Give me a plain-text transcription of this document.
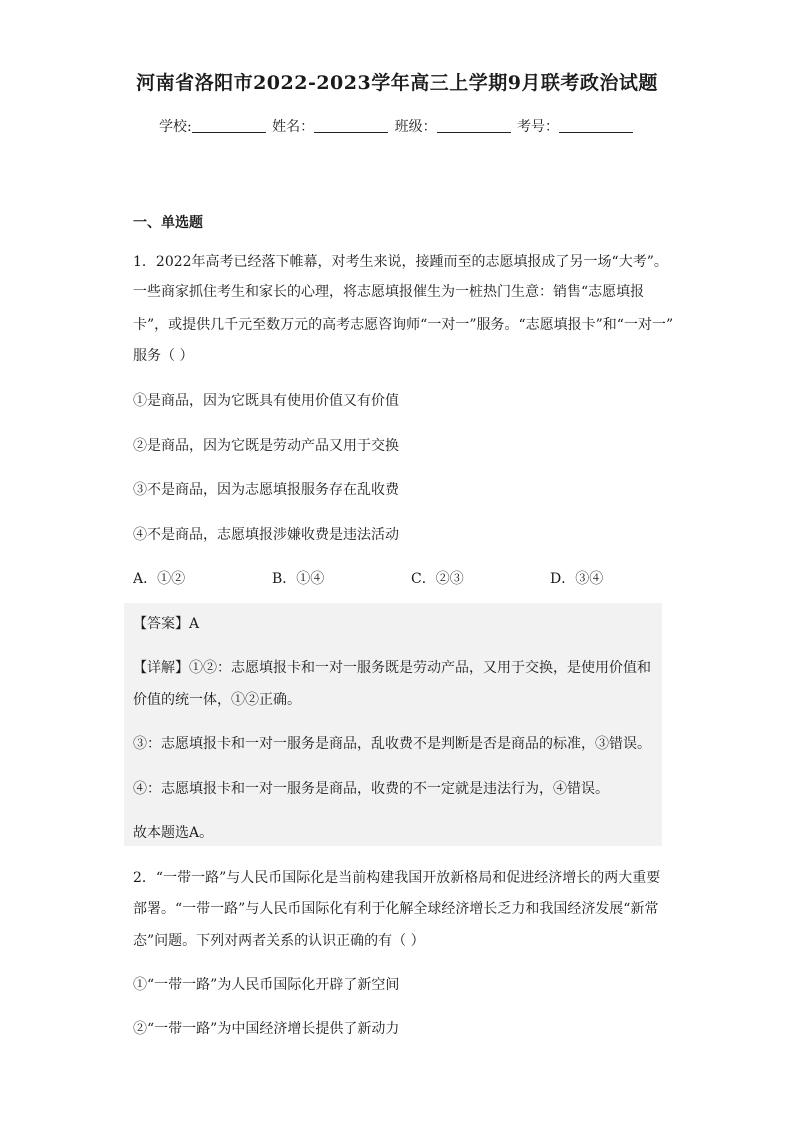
河南省洛阳市2022-2023学年高三上学期9月联考政治试题
学校:	姓名：	班级：	考号：
一、单选题
1．2022年高考已经落下帷幕，对考生来说，接踵而至的志愿填报成了另一场“大考”。
一些商家抓住考生和家长的心理，将志愿填报催生为一桩热门生意：销售“志愿填报
卡”，或提供几千元至数万元的高考志愿咨询师“一对一”服务。“志愿填报卡”和“一对一”
服务（ ）
①是商品，因为它既具有使用价值又有价值
②是商品，因为它既是劳动产品又用于交换
③不是商品，因为志愿填报服务存在乱收费
④不是商品，志愿填报涉嫌收费是违法活动
A．①②	B．①④	C．②③	D．③④
【答案】A
【详解】①②：志愿填报卡和一对一服务既是劳动产品，又用于交换，是使用价值和
价值的统一体，①②正确。
③：志愿填报卡和一对一服务是商品，乱收费不是判断是否是商品的标准，③错误。
④：志愿填报卡和一对一服务是商品，收费的不一定就是违法行为，④错误。
故本题选A。
2．“一带一路”与人民币国际化是当前构建我国开放新格局和促进经济增长的两大重要
部署。“一带一路”与人民币国际化有利于化解全球经济增长乏力和我国经济发展“新常
态”问题。下列对两者关系的认识正确的有（ ）
①“一带一路”为人民币国际化开辟了新空间
②“一带一路”为中国经济增长提供了新动力
